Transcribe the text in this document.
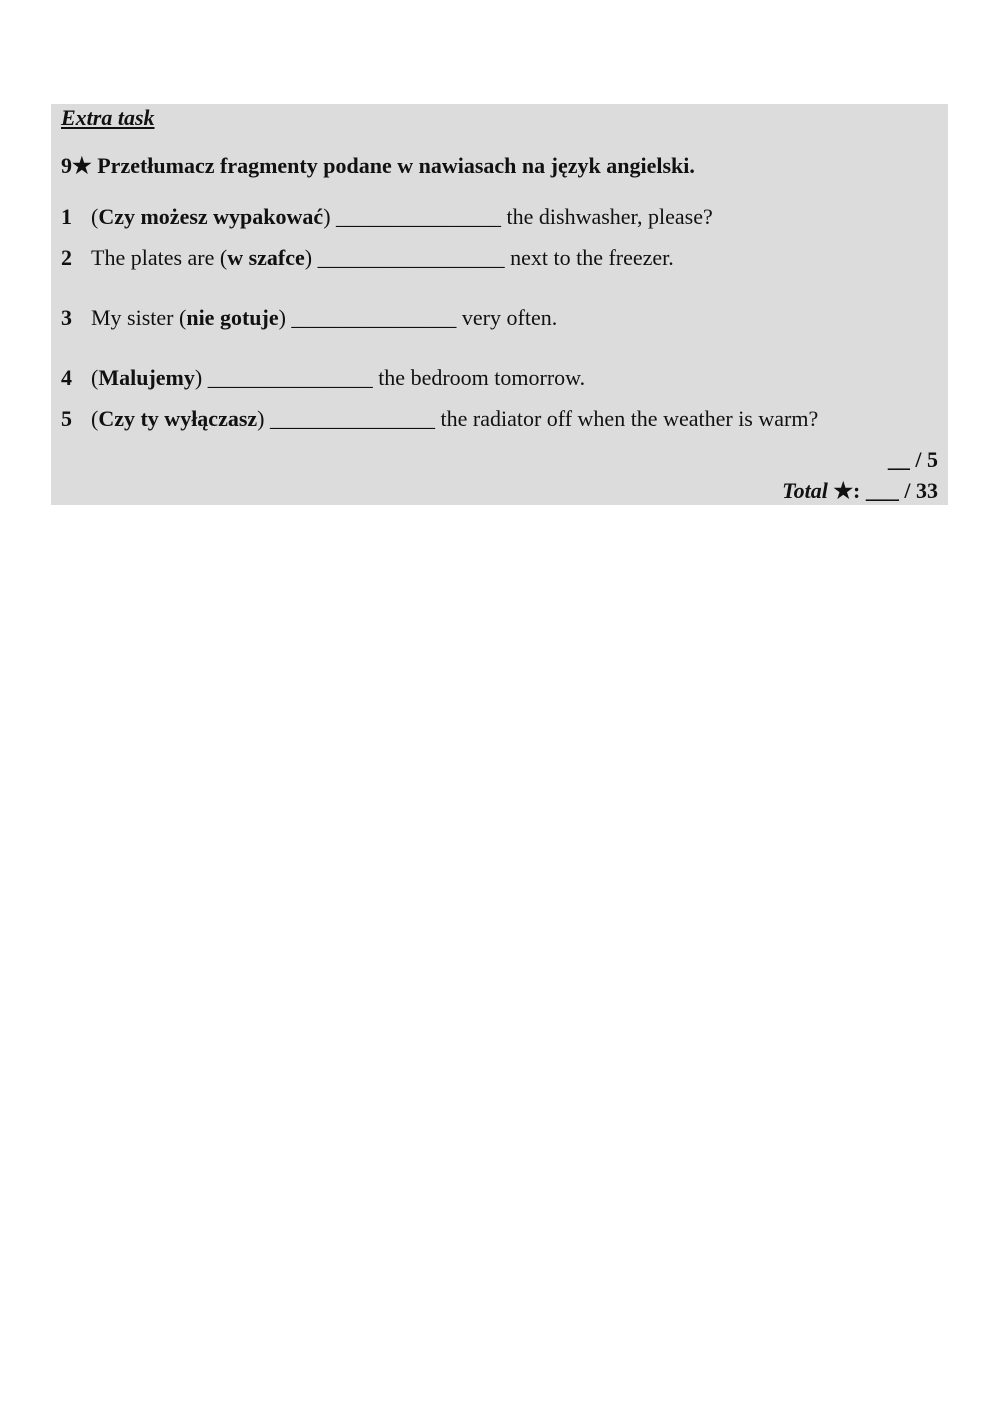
Extra task
9★ Przetłumacz fragmenty podane w nawiasach na język angielski.
1 (Czy możesz wypakować) _______________ the dishwasher, please?
2 The plates are (w szafce) _________________ next to the freezer.
3 My sister (nie gotuje) _______________ very often.
4 (Malujemy) _______________ the bedroom tomorrow.
5 (Czy ty wyłączasz) _______________ the radiator off when the weather is warm?
__ / 5
Total ★: ___ / 33
